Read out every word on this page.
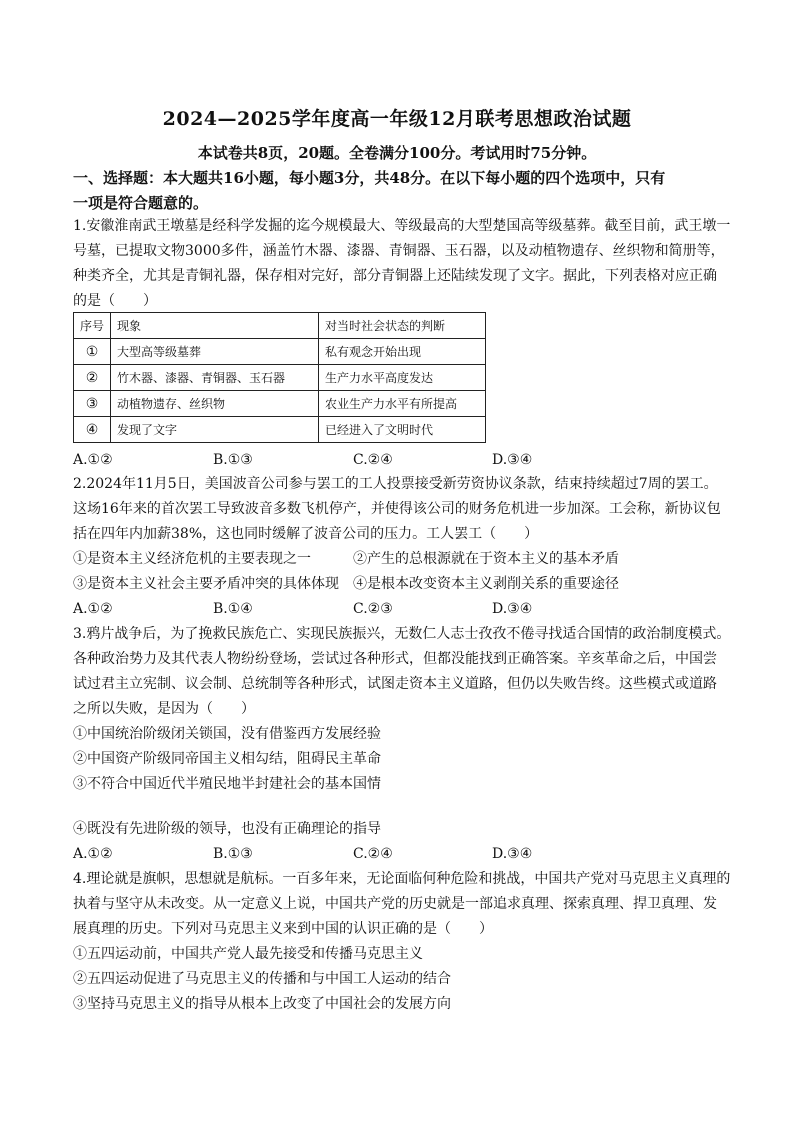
2024—2025学年度高一年级12月联考思想政治试题
本试卷共8页，20题。全卷满分100分。考试用时75分钟。
一、选择题：本大题共16小题，每小题3分，共48分。在以下每小题的四个选项中，只有
一项是符合题意的。
1.安徽淮南武王墩墓是经科学发掘的迄今规模最大、等级最高的大型楚国高等级墓葬。截至目前，武王墩一
号墓，已提取文物3000多件，涵盖竹木器、漆器、青铜器、玉石器，以及动植物遗存、丝织物和简册等，
种类齐全，尤其是青铜礼器，保存相对完好，部分青铜器上还陆续发现了文字。据此，下列表格对应正确
的是（　　）
序号	现象	对当时社会状态的判断
①	大型高等级墓葬	私有观念开始出现
②	竹木器、漆器、青铜器、玉石器	生产力水平高度发达
③	动植物遗存、丝织物	农业生产力水平有所提高
④	发现了文字	已经进入了文明时代
A.①②	B.①③	C.②④	D.③④
2.2024年11月5日，美国波音公司参与罢工的工人投票接受新劳资协议条款，结束持续超过7周的罢工。
这场16年来的首次罢工导致波音多数飞机停产，并使得该公司的财务危机进一步加深。工会称，新协议包
括在四年内加薪38%，这也同时缓解了波音公司的压力。工人罢工（　　）
①是资本主义经济危机的主要表现之一	②产生的总根源就在于资本主义的基本矛盾
③是资本主义社会主要矛盾冲突的具体体现 ④是根本改变资本主义剥削关系的重要途径
A.①②	B.①④	C.②③	D.③④
3.鸦片战争后，为了挽救民族危亡、实现民族振兴，无数仁人志士孜孜不倦寻找适合国情的政治制度模式。
各种政治势力及其代表人物纷纷登场，尝试过各种形式，但都没能找到正确答案。辛亥革命之后，中国尝
试过君主立宪制、议会制、总统制等各种形式，试图走资本主义道路，但仍以失败告终。这些模式或道路
之所以失败，是因为（　　）
①中国统治阶级闭关锁国，没有借鉴西方发展经验
②中国资产阶级同帝国主义相勾结，阻碍民主革命
③不符合中国近代半殖民地半封建社会的基本国情
④既没有先进阶级的领导，也没有正确理论的指导
A.①②	B.①③	C.②④	D.③④
4.理论就是旗帜，思想就是航标。一百多年来，无论面临何种危险和挑战，中国共产党对马克思主义真理的
执着与坚守从未改变。从一定意义上说，中国共产党的历史就是一部追求真理、探索真理、捍卫真理、发
展真理的历史。下列对马克思主义来到中国的认识正确的是（　　）
①五四运动前，中国共产党人最先接受和传播马克思主义
②五四运动促进了马克思主义的传播和与中国工人运动的结合
③坚持马克思主义的指导从根本上改变了中国社会的发展方向
